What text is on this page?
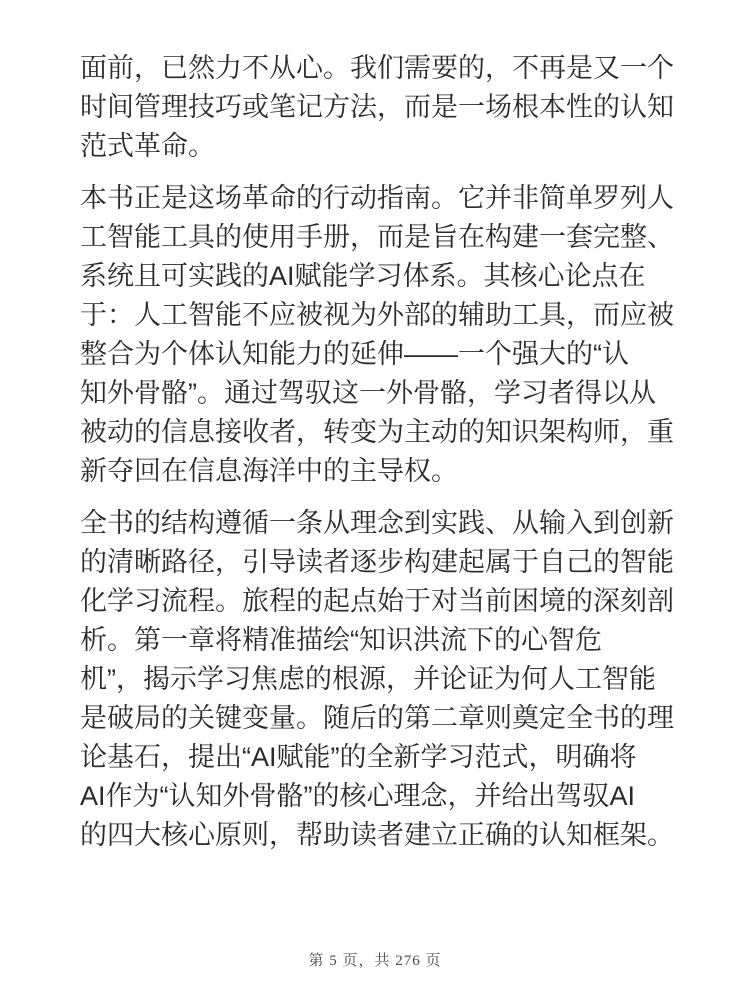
面前，已然力不从心。我们需要的，不再是又一个
时间管理技巧或笔记方法，而是一场根本性的认知
范式革命。
本书正是这场革命的行动指南。它并非简单罗列人
工智能工具的使用手册，而是旨在构建一套完整、
系统且可实践的AI赋能学习体系。其核心论点在
于：人工智能不应被视为外部的辅助工具，而应被
整合为个体认知能力的延伸——一个强大的“认
知外骨骼”。通过驾驭这一外骨骼，学习者得以从
被动的信息接收者，转变为主动的知识架构师，重
新夺回在信息海洋中的主导权。
全书的结构遵循一条从理念到实践、从输入到创新
的清晰路径，引导读者逐步构建起属于自己的智能
化学习流程。旅程的起点始于对当前困境的深刻剖
析。第一章将精准描绘“知识洪流下的心智危
机”，揭示学习焦虑的根源，并论证为何人工智能
是破局的关键变量。随后的第二章则奠定全书的理
论基石，提出“AI赋能”的全新学习范式，明确将
AI作为“认知外骨骼”的核心理念，并给出驾驭AI
的四大核心原则，帮助读者建立正确的认知框架。
第 5 页，共 276 页
